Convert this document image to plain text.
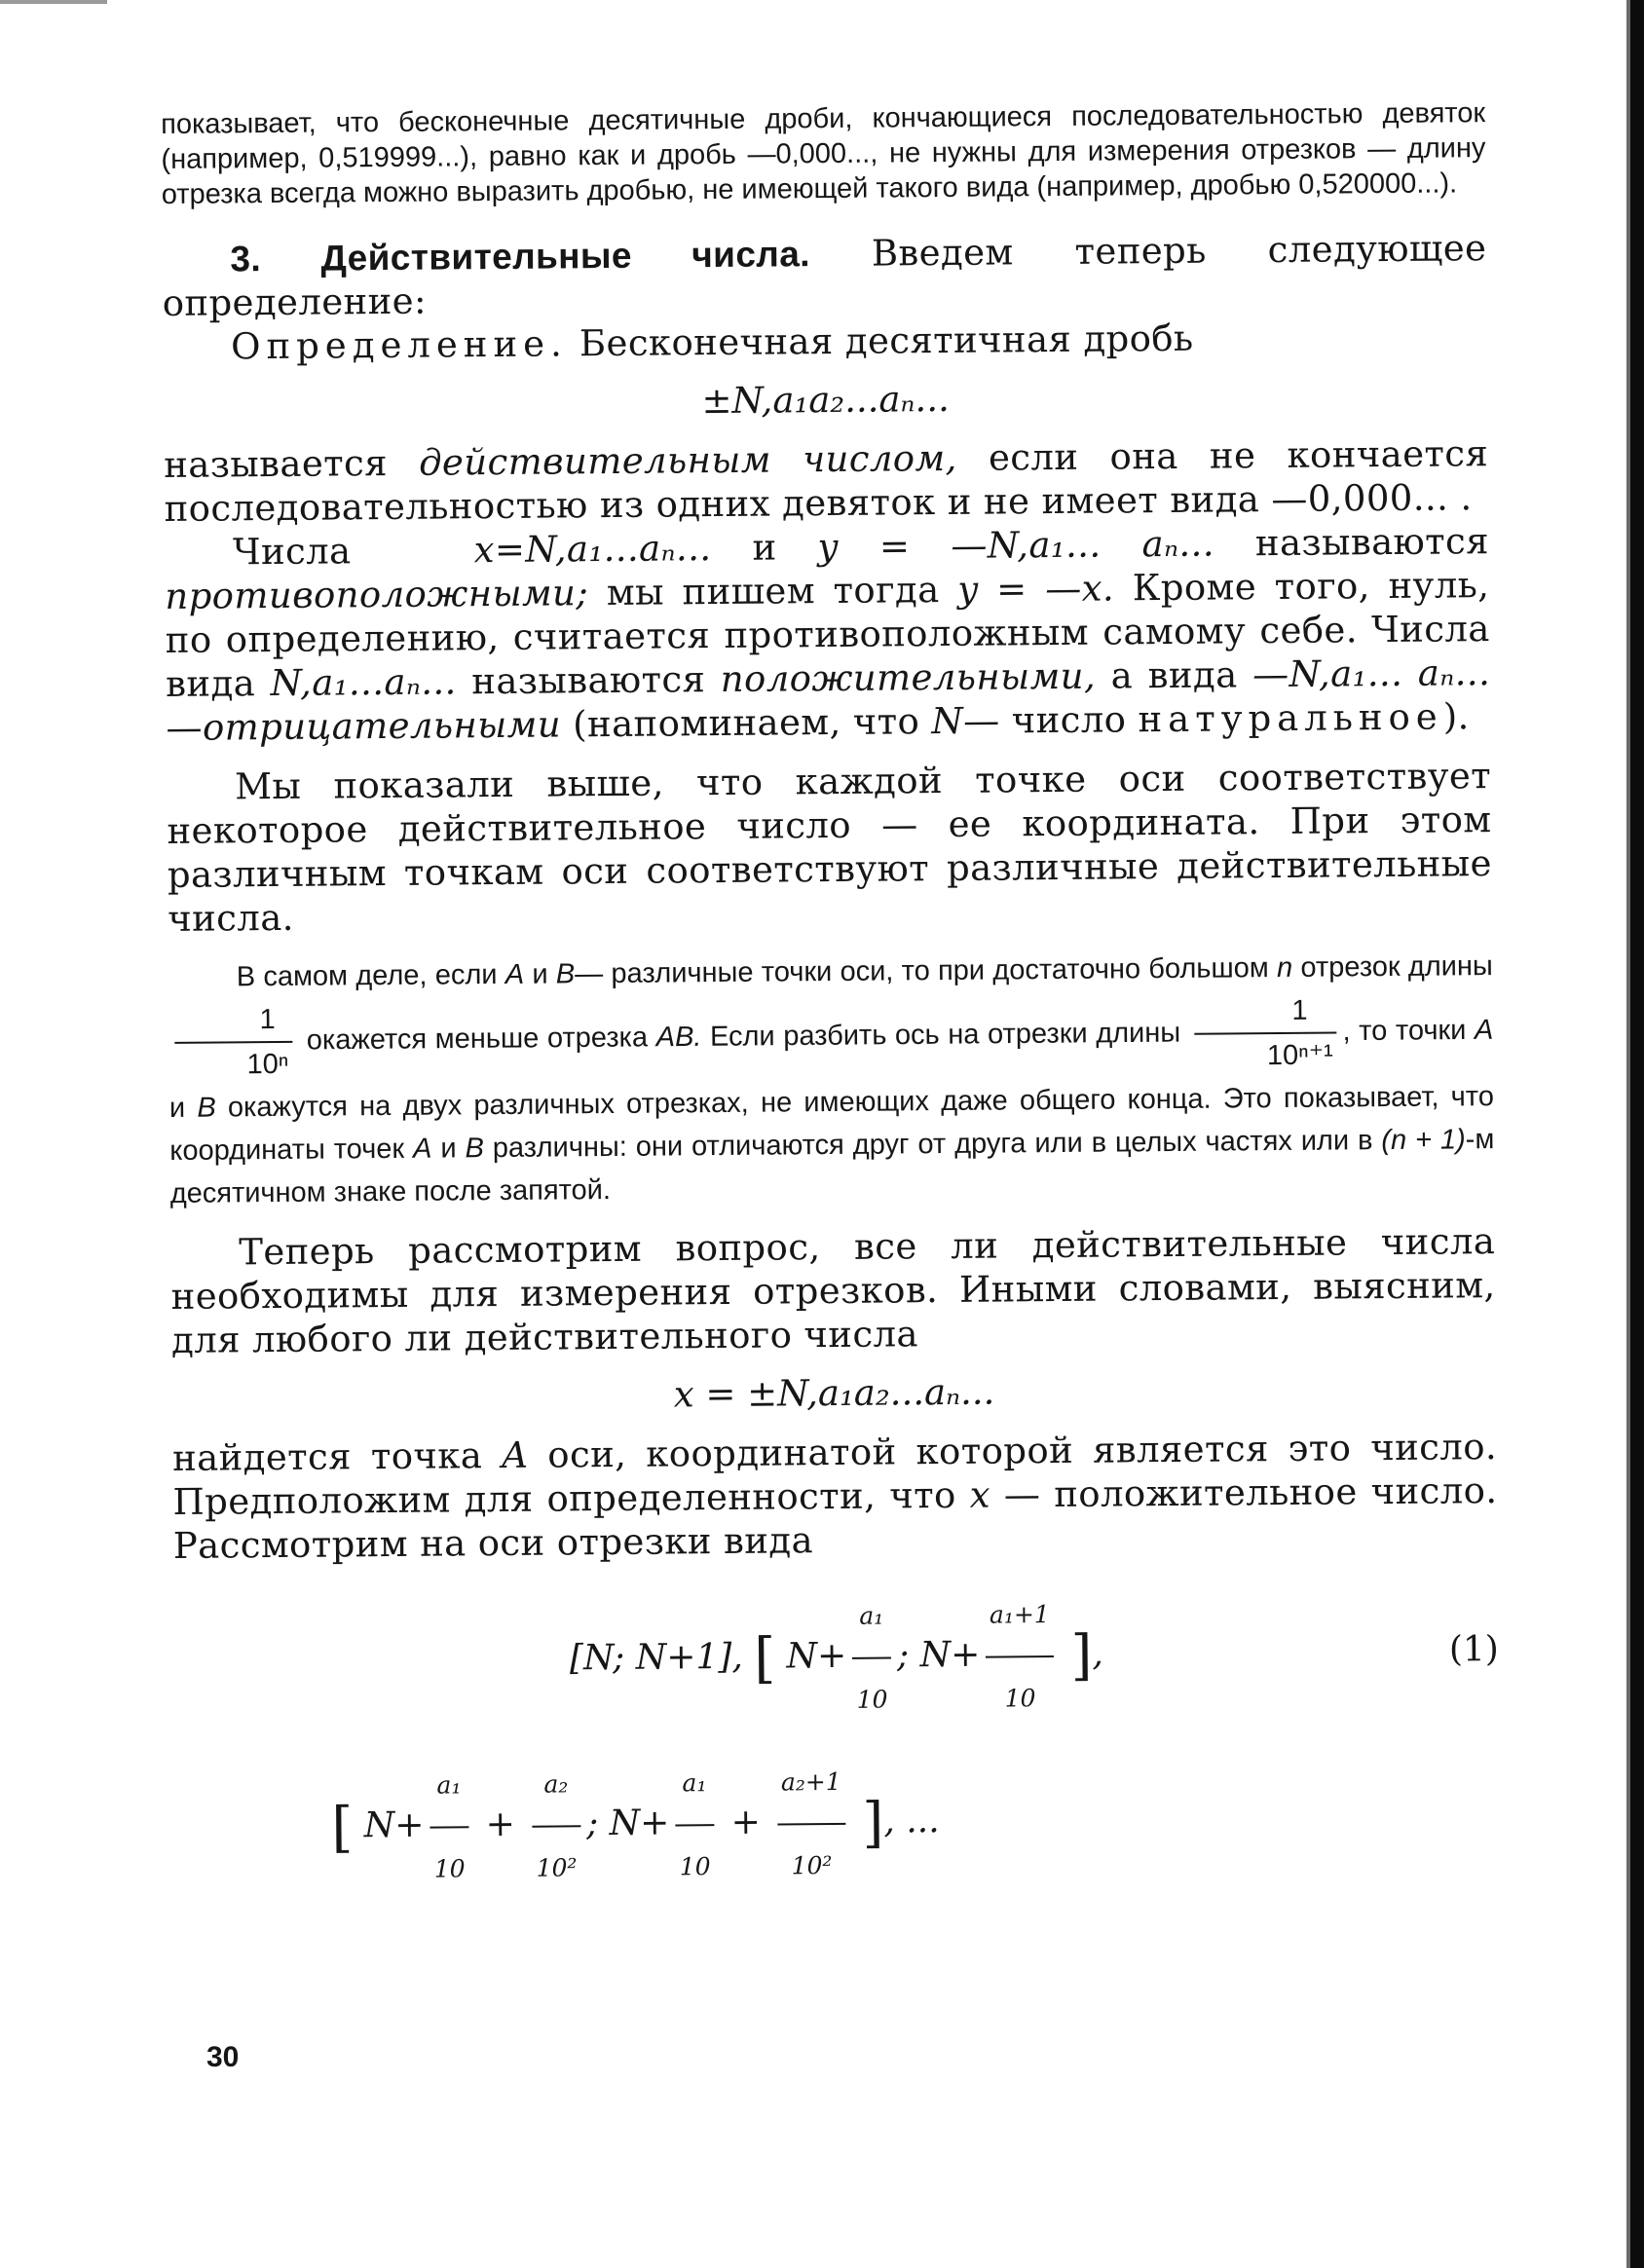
показывает, что бесконечные десятичные дроби, кончающиеся последовательностью девяток (например, 0,519999...), равно как и дробь —0,000..., не нужны для измерения отрезков — длину отрезка всегда можно выразить дробью, не имеющей такого вида (например, дробью 0,520000...).

3. Действительные числа. Введем теперь следующее определение:

Определение. Бесконечная десятичная дробь

±N,a₁a₂...aₙ...

называется действительным числом, если она не кончается последовательностью из одних девяток и не имеет вида —0,000... .

Числа	x=N,a₁...aₙ... и y = —N,a₁... aₙ... называются противоположными; мы пишем тогда y = —x. Кроме того, нуль, по определению, считается противоположным самому себе. Числа вида N,a₁...aₙ... называются положительными, а вида —N,a₁... aₙ...—отрицательными (напоминаем, что N— число натуральное).

Мы показали выше, что каждой точке оси соответствует некоторое действительное число — ее координата. При этом различным точкам оси соответствуют различные действительные числа.

В самом деле, если A и B— различные точки оси, то при достаточно большом n отрезок длины
$\frac{1}{\text{10ⁿ}}$ окажется меньше отрезка AB. Если разбить ось на отрезки длины $\frac{1}{\text{10ⁿ⁺¹}}$ , то точки A и B окажутся на двух различных отрезках, не имеющих даже общего конца. Это показывает, что координаты точек A и B различны: они отличаются друг от друга или в целых частях или в (n + 1)-м десятичном знаке после запятой.

Теперь рассмотрим вопрос, все ли действительные числа необходимы для измерения отрезков. Иными словами, выясним, для любого ли действительного числа

x = ±N,a₁a₂...aₙ...

найдется точка A оси, координатой которой является это число. Предположим для определенности, что x — положительное число. Рассмотрим на оси отрезки вида

[N; N+1], [ $N+ \frac{\text{a₁}}{10}$ ; $N+ \frac{\text{a₁+1}}{10}$ ],
[ $N+ \frac{\text{a₁}}{10} + \frac{\text{a₂}}{\text{10²}}$ ; $N+ \frac{\text{a₁}}{10} + \frac{\text{a₂+1}}{\text{10²}}$ ], ...
(1)
30
